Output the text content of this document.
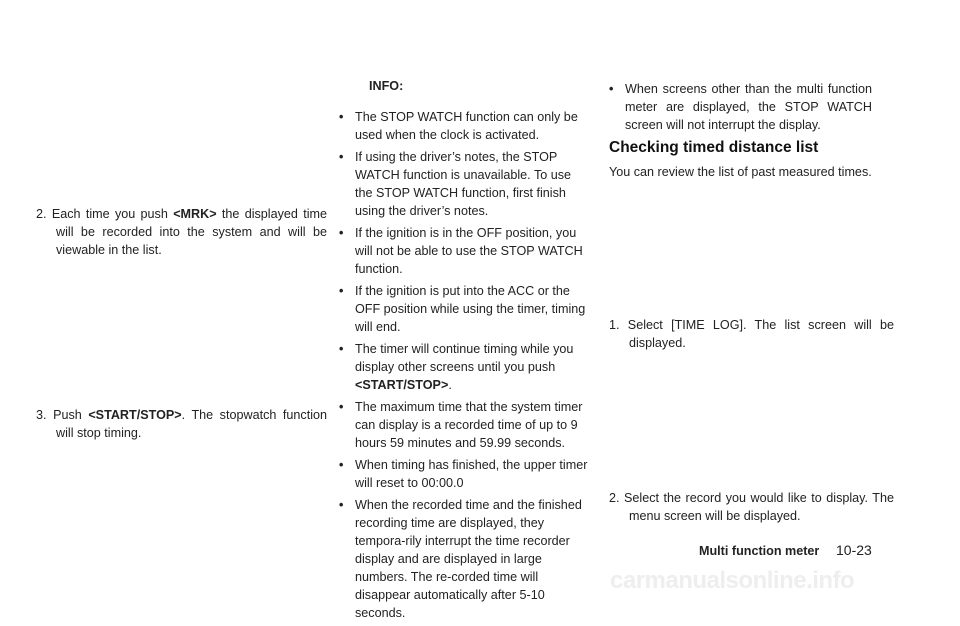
2. Each time you push <MRK> the displayed time will be recorded into the system and will be viewable in the list.
3. Push <START/STOP>. The stopwatch function will stop timing.
INFO:
• The STOP WATCH function can only be used when the clock is activated.
• If using the driver’s notes, the STOP WATCH function is unavailable. To use the STOP WATCH function, first finish using the driver’s notes.
• If the ignition is in the OFF position, you will not be able to use the STOP WATCH function.
• If the ignition is put into the ACC or the OFF position while using the timer, timing will end.
• The timer will continue timing while you display other screens until you push <START/STOP>.
• The maximum time that the system timer can display is a recorded time of up to 9 hours 59 minutes and 59.99 seconds.
• When timing has finished, the upper timer will reset to 00:00.0
• When the recorded time and the finished recording time are displayed, they tempora-rily interrupt the time recorder display and are displayed in large numbers. The re-corded time will disappear automatically after 5-10 seconds.
• When screens other than the multi function meter are displayed, the STOP WATCH screen will not interrupt the display.
Checking timed distance list
You can review the list of past measured times.
1. Select [TIME LOG]. The list screen will be displayed.
2. Select the record you would like to display. The menu screen will be displayed.
Multi function meter 10-23
carmanualsonline.info
